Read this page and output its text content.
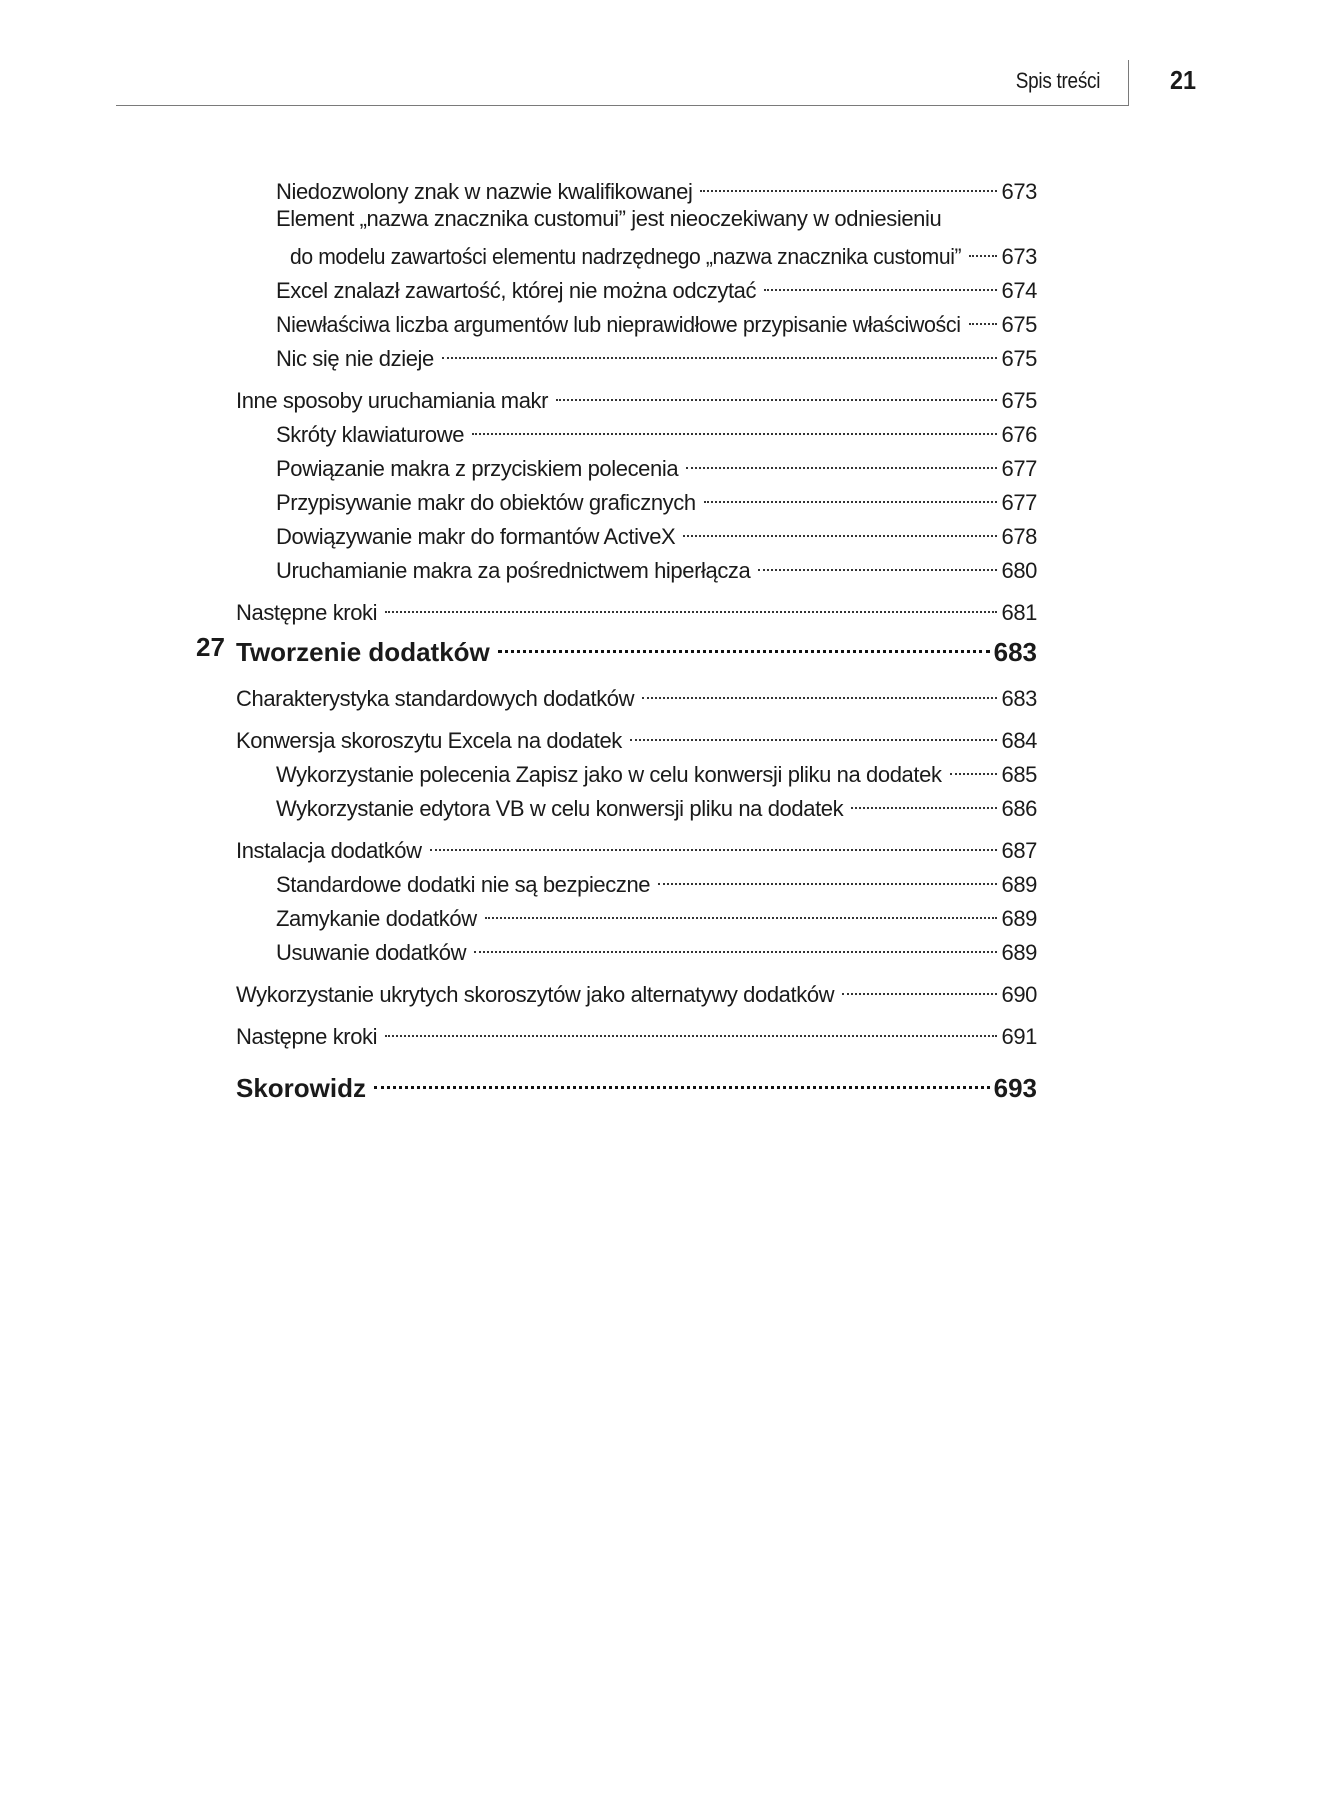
Spis treści	21
Niedozwolony znak w nazwie kwalifikowanej	673
Element „nazwa znacznika customui” jest nieoczekiwany w odniesieniu
do modelu zawartości elementu nadrzędnego „nazwa znacznika customui” 673
Excel znalazł zawartość, której nie można odczytać	674
Niewłaściwa liczba argumentów lub nieprawidłowe przypisanie właściwości 675
Nic się nie dzieje	675
Inne sposoby uruchamiania makr	675
Skróty klawiaturowe	676
Powiązanie makra z przyciskiem polecenia	677
Przypisywanie makr do obiektów graficznych	677
Dowiązywanie makr do formantów ActiveX	678
Uruchamianie makra za pośrednictwem hiperłącza	680
Następne kroki	681
27 Tworzenie dodatków	683
Charakterystyka standardowych dodatków	683
Konwersja skoroszytu Excela na dodatek	684
Wykorzystanie polecenia Zapisz jako w celu konwersji pliku na dodatek	685
Wykorzystanie edytora VB w celu konwersji pliku na dodatek	686
Instalacja dodatków	687
Standardowe dodatki nie są bezpieczne	689
Zamykanie dodatków	689
Usuwanie dodatków	689
Wykorzystanie ukrytych skoroszytów jako alternatywy dodatków	690
Następne kroki	691
Skorowidz	693
